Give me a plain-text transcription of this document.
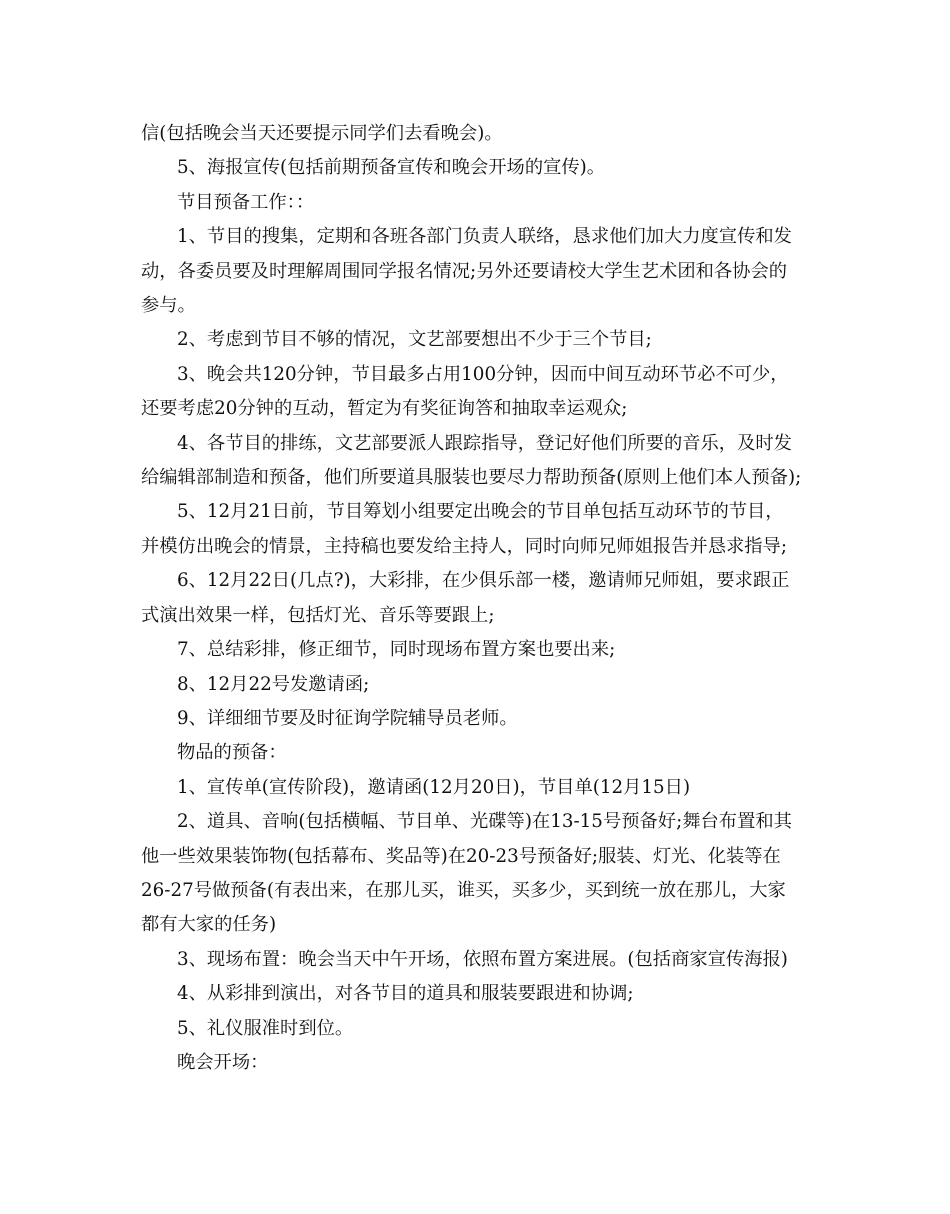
信(包括晚会当天还要提示同学们去看晚会)。

5、海报宣传(包括前期预备宣传和晚会开场的宣传)。

节目预备工作：：

1、节目的搜集，定期和各班各部门负责人联络，恳求他们加大力度宣传和发

动，各委员要及时理解周围同学报名情况;另外还要请校大学生艺术团和各协会的

参与。

2、考虑到节目不够的情况，文艺部要想出不少于三个节目;

3、晚会共120分钟，节目最多占用100分钟，因而中间互动环节必不可少，

还要考虑20分钟的互动，暂定为有奖征询答和抽取幸运观众;

4、各节目的排练，文艺部要派人跟踪指导，登记好他们所要的音乐，及时发

给编辑部制造和预备，他们所要道具服装也要尽力帮助预备(原则上他们本人预备);

5、12月21日前，节目筹划小组要定出晚会的节目单包括互动环节的节目，

并模仿出晚会的情景，主持稿也要发给主持人，同时向师兄师姐报告并恳求指导;

6、12月22日(几点?)，大彩排，在少俱乐部一楼，邀请师兄师姐，要求跟正

式演出效果一样，包括灯光、音乐等要跟上;

7、总结彩排，修正细节，同时现场布置方案也要出来;

8、12月22号发邀请函;

9、详细细节要及时征询学院辅导员老师。

物品的预备：

1、宣传单(宣传阶段)，邀请函(12月20日)，节目单(12月15日)

2、道具、音响(包括横幅、节目单、光碟等)在13-15号预备好;舞台布置和其

他一些效果装饰物(包括幕布、奖品等)在20-23号预备好;服装、灯光、化装等在

26-27号做预备(有表出来，在那儿买，谁买，买多少，买到统一放在那儿，大家

都有大家的任务)

3、现场布置：晚会当天中午开场，依照布置方案进展。(包括商家宣传海报)

4、从彩排到演出，对各节目的道具和服装要跟进和协调;

5、礼仪服准时到位。

晚会开场：
